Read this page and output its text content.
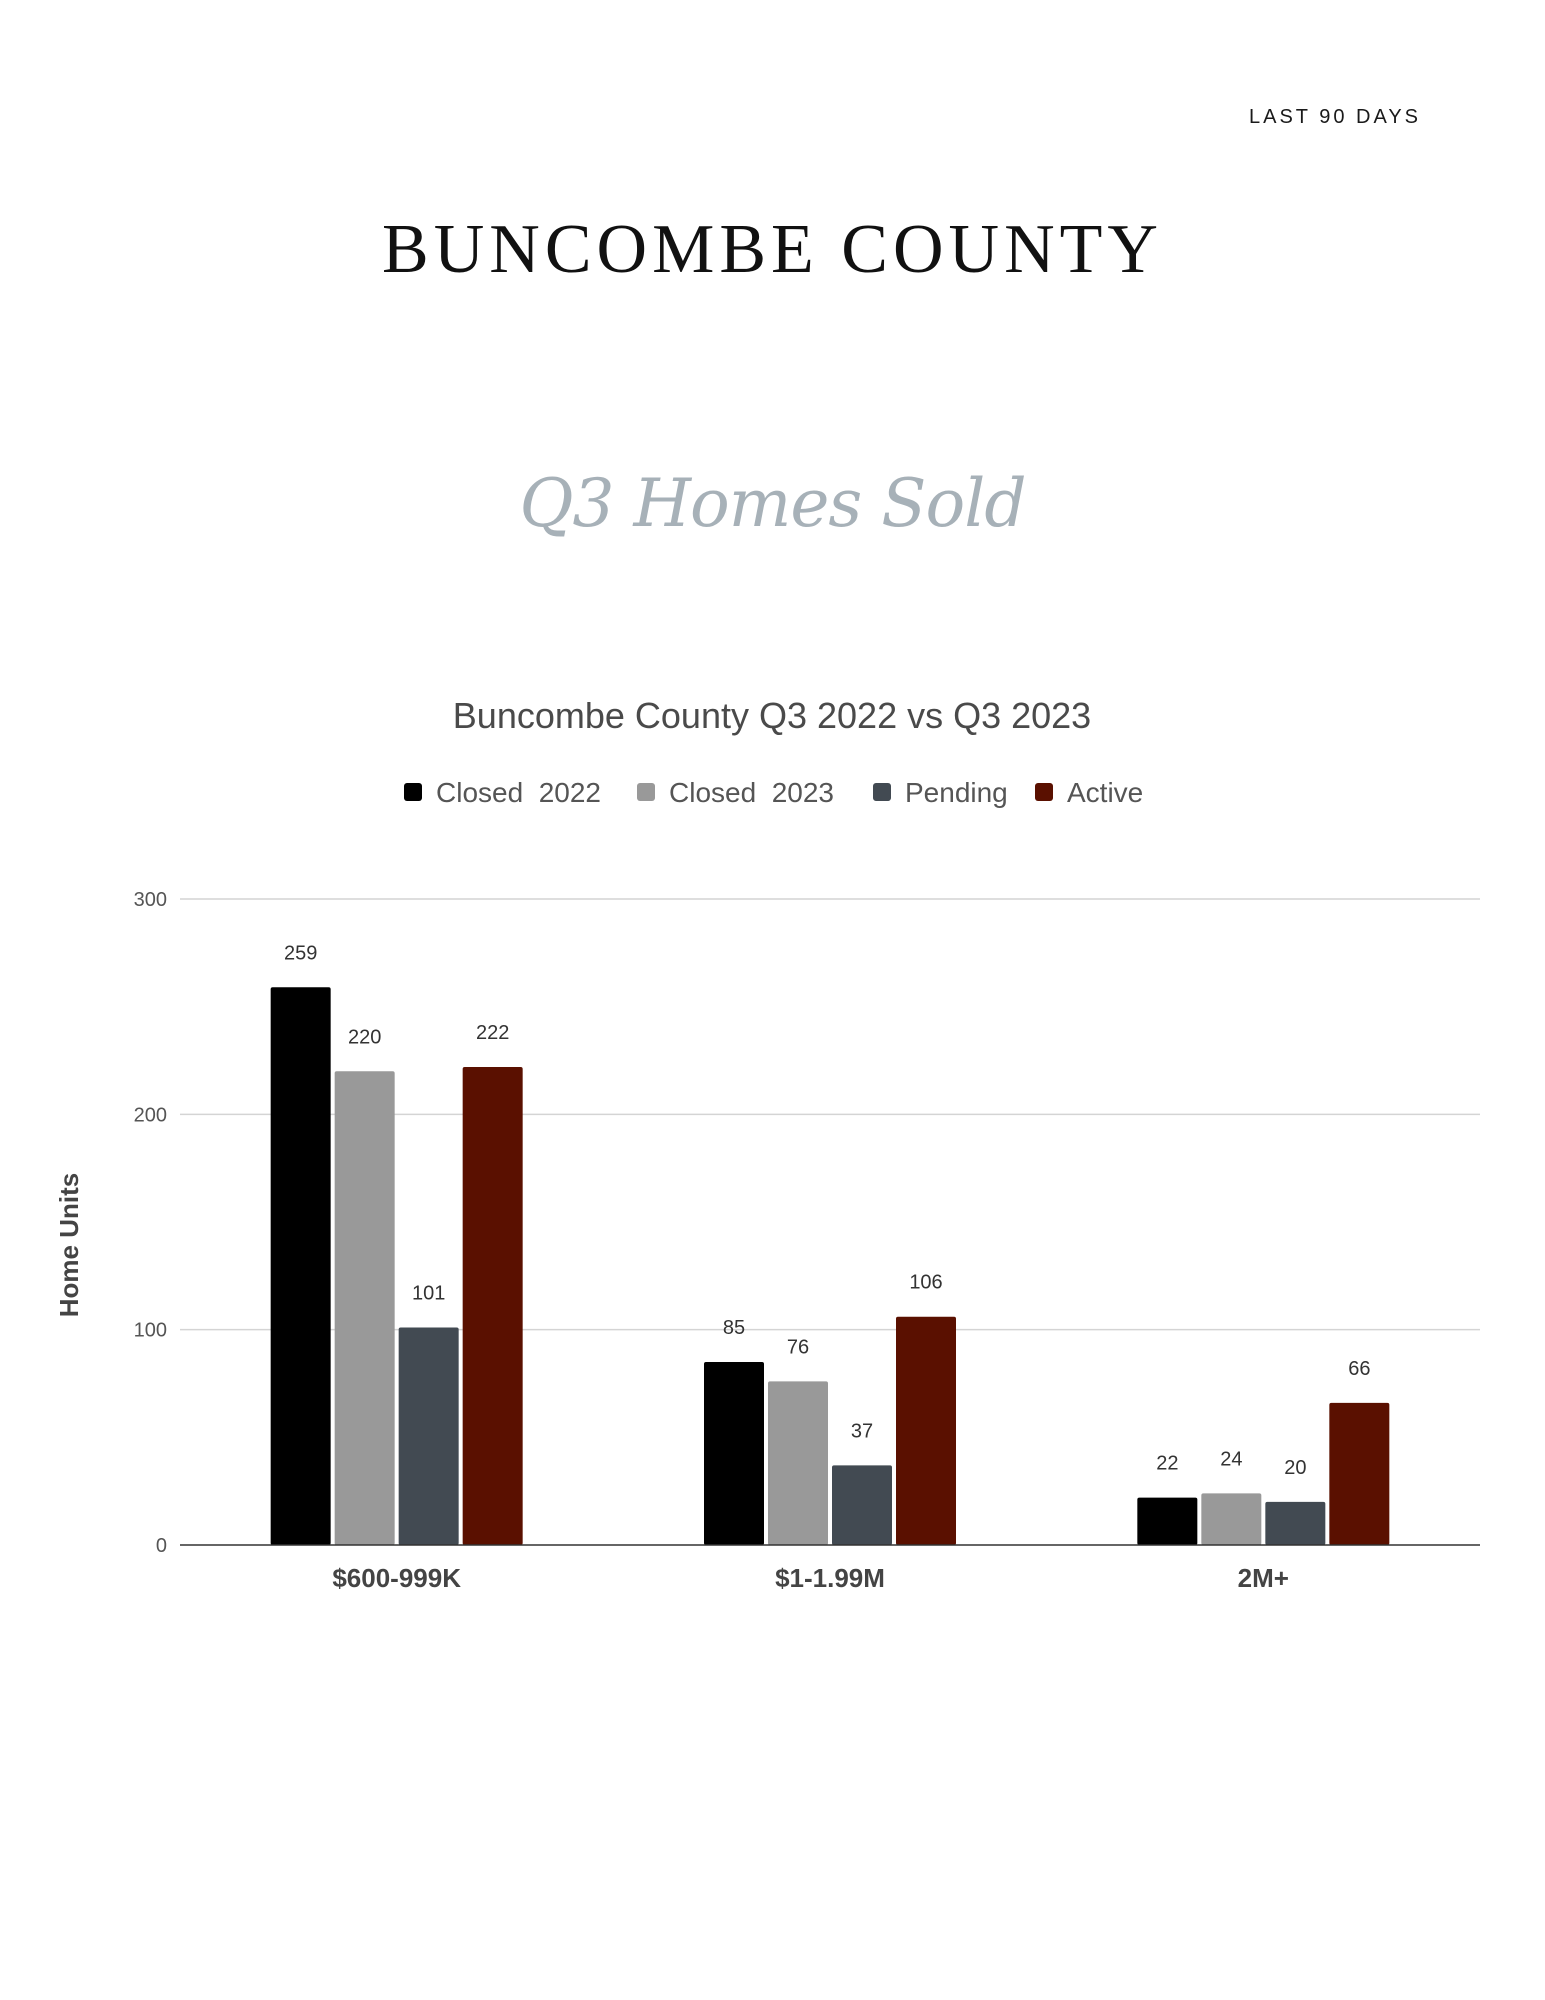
LAST 90 DAYS
BUNCOMBE COUNTY
Q3 Homes Sold
Buncombe County Q3 2022 vs Q3 2023
Closed  2022 Closed  2023	Pending Active
0
100
200
300
Home Units
259
220
101
222
85
76
37
106
22 24 20
66
$600-999K	$1-1.99M	2M+
